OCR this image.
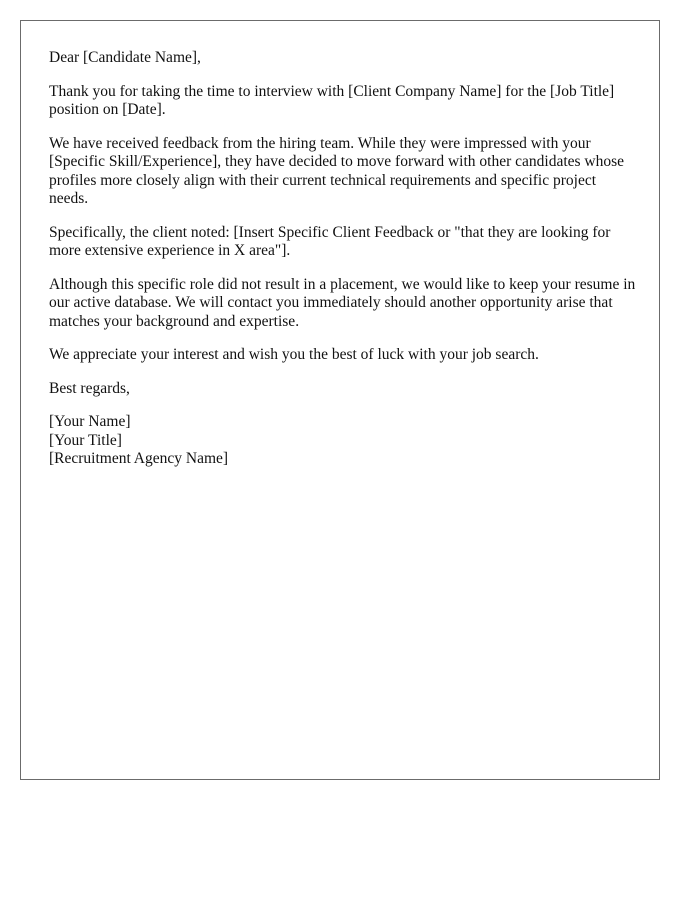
Dear [Candidate Name],

Thank you for taking the time to interview with [Client Company Name] for the [Job Title] position on [Date].

We have received feedback from the hiring team. While they were impressed with your [Specific Skill/Experience], they have decided to move forward with other candidates whose profiles more closely align with their current technical requirements and specific project needs.

Specifically, the client noted: [Insert Specific Client Feedback or "that they are looking for more extensive experience in X area"].

Although this specific role did not result in a placement, we would like to keep your resume in our active database. We will contact you immediately should another opportunity arise that matches your background and expertise.

We appreciate your interest and wish you the best of luck with your job search.

Best regards,

[Your Name]
[Your Title]
[Recruitment Agency Name]
